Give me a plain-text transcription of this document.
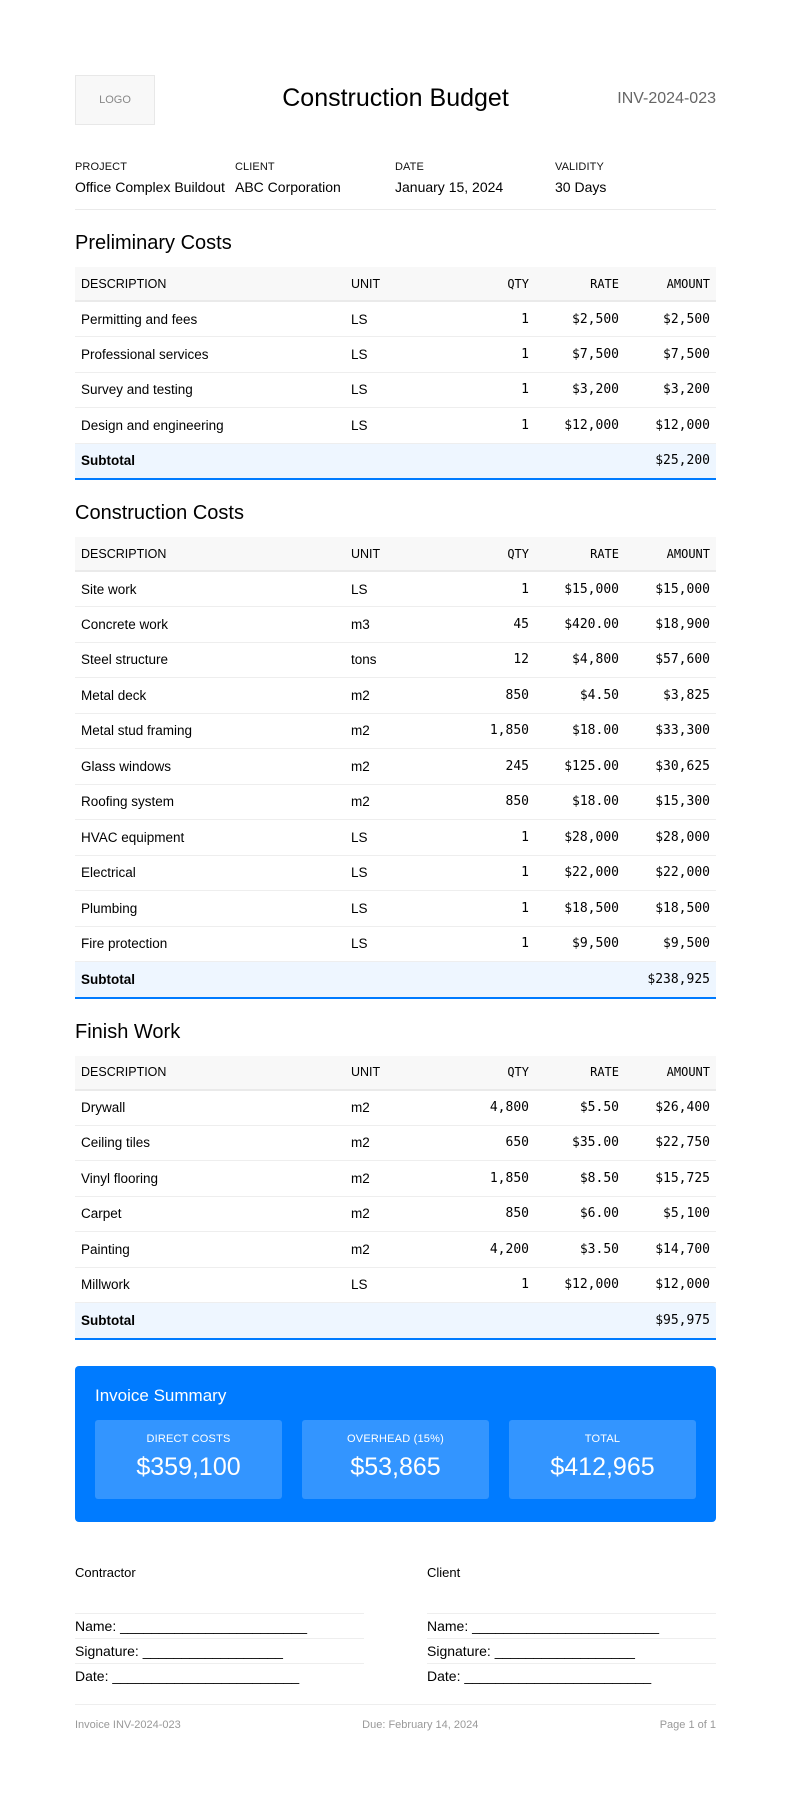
LOGO	Construction Budget	INV-2024-023
PROJECT
Office Complex Buildout
CLIENT
ABC Corporation
DATE
January 15, 2024
VALIDITY
30 Days
Preliminary Costs
DESCRIPTION	UNIT	QTY	RATE	AMOUNT
Permitting and fees	LS	1	$2,500	$2,500
Professional services	LS	1	$7,500	$7,500
Survey and testing	LS	1	$3,200	$3,200
Design and engineering	LS	1	$12,000	$12,000
Subtotal				$25,200
Construction Costs
DESCRIPTION	UNIT	QTY	RATE	AMOUNT
Site work	LS	1	$15,000	$15,000
Concrete work	m3	45	$420.00	$18,900
Steel structure	tons	12	$4,800	$57,600
Metal deck	m2	850	$4.50	$3,825
Metal stud framing	m2	1,850	$18.00	$33,300
Glass windows	m2	245	$125.00	$30,625
Roofing system	m2	850	$18.00	$15,300
HVAC equipment	LS	1	$28,000	$28,000
Electrical	LS	1	$22,000	$22,000
Plumbing	LS	1	$18,500	$18,500
Fire protection	LS	1	$9,500	$9,500
Subtotal				$238,925
Finish Work
DESCRIPTION	UNIT	QTY	RATE	AMOUNT
Drywall	m2	4,800	$5.50	$26,400
Ceiling tiles	m2	650	$35.00	$22,750
Vinyl flooring	m2	1,850	$8.50	$15,725
Carpet	m2	850	$6.00	$5,100
Painting	m2	4,200	$3.50	$14,700
Millwork	LS	1	$12,000	$12,000
Subtotal				$95,975
Invoice Summary
DIRECT COSTS
$359,100
OVERHEAD (15%)
$53,865
TOTAL
$412,965
Contractor
Name: ________________________
Signature: __________________
Date: ________________________
Client
Name: ________________________
Signature: __________________
Date: ________________________
Invoice INV-2024-023	Due: February 14, 2024	Page 1 of 1
